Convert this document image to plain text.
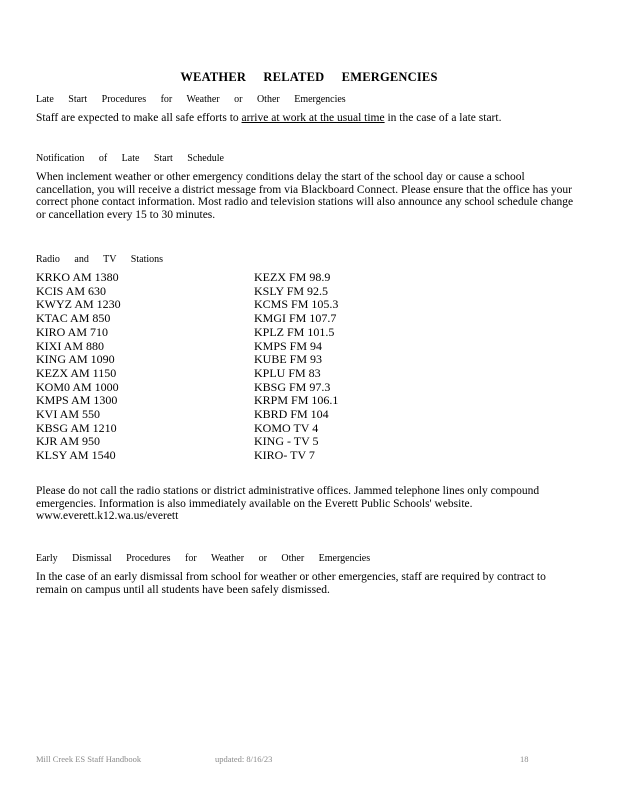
WEATHER RELATED EMERGENCIES
Late Start Procedures for Weather or Other Emergencies
Staff are expected to make all safe efforts to arrive at work at the usual time in the case of a late start.
Notification of Late Start Schedule
When inclement weather or other emergency conditions delay the start of the school day or cause a school cancellation, you will receive a district message from via Blackboard Connect. Please ensure that the office has your correct phone contact information. Most radio and television stations will also announce any school schedule change or cancellation every 15 to 30 minutes.
Radio and TV Stations
KRKO AM 1380
KCIS AM 630
KWYZ AM 1230
KTAC AM 850
KIRO AM 710
KIXI AM 880
KING AM 1090
KEZX AM 1150
KOM0 AM 1000
KMPS AM 1300
KVI AM 550
KBSG AM 1210
KJR AM 950
KLSY AM 1540
KEZX FM 98.9
KSLY FM 92.5
KCMS FM 105.3
KMGI FM 107.7
KPLZ FM 101.5
KMPS FM 94
KUBE FM 93
KPLU FM 83
KBSG FM 97.3
KRPM FM 106.1
KBRD FM 104
KOMO TV 4
KING - TV 5
KIRO- TV 7
Please do not call the radio stations or district administrative offices. Jammed telephone lines only compound emergencies. Information is also immediately available on the Everett Public Schools' website. www.everett.k12.wa.us/everett
Early Dismissal Procedures for Weather or Other Emergencies
In the case of an early dismissal from school for weather or other emergencies, staff are required by contract to remain on campus until all students have been safely dismissed.
Mill Creek ES Staff Handbook	updated: 8/16/23	18
